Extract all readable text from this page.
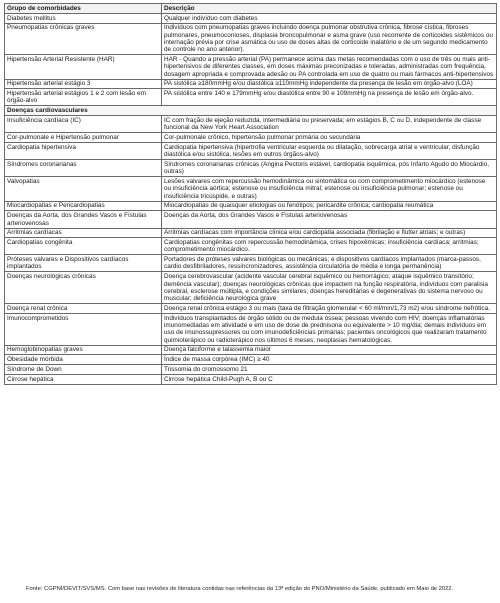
Grupo de comorbidades	Descrição
Diabetes mellitus	Qualquer indivíduo com diabetes
Pneumopatias crônicas graves	Indivíduos com pneumopatias graves incluindo doença pulmonar obstrutiva crônica, fibrose cística, fibroses pulmonares, pneumoconioses, displasia broncopulmonar e asma grave (uso recorrente de corticoides sistêmicos ou internação prévia por crise asmática ou uso de doses altas de corticoide inalatório e de um segundo medicamento de controle no ano anterior).
Hipertensão Arterial Resistente (HAR)	HAR - Quando a pressão arterial (PA) permanece acima das metas recomendadas com o uso de três ou mais anti-hipertensivos de diferentes classes, em doses máximas preconizadas e toleradas, administradas com frequência, dosagem apropriada e comprovada adesão ou PA controlada em uso de quatro ou mais fármacos anti-hipertensivos
Hipertensão arterial estágio 3	PA sistólica ≥180mmHg e/ou diastólica ≥110mmHg independente da presença de lesão em órgão-alvo (LOA)
Hipertensão arterial estágios 1 e 2 com lesão em órgão-alvo	PA sistólica entre 140 e 179mmHg e/ou diastólica entre 90 e 109mmHg na presença de lesão em órgão-alvo.
Doenças cardiovasculares	
Insuficiência cardíaca (IC)	IC com fração de ejeção reduzida, intermediária ou preservada; em estágios B, C ou D, independente de classe funcional da New York Heart Association
Cor-pulmonale e Hipertensão pulmonar	Cor-pulmonale crônico, hipertensão pulmonar primária ou secundária
Cardiopatia hipertensiva	Cardiopatia hipertensiva (hipertrofia ventricular esquerda ou dilatação, sobrecarga atrial e ventricular, disfunção diastólica e/ou sistólica, lesões em outros órgãos-alvo)
Síndromes coronarianas	Síndromes coronarianas crônicas (Angina Pectoris estável, cardiopatia isquêmica, pós Infarto Agudo do Miocárdio, outras)
Valvopatias	Lesões valvares com repercussão hemodinâmica ou sintomática ou com comprometimento miocárdico (estenose ou insuficiência aórtica; estenose ou insuficiência mitral; estenose ou insuficiência pulmonar; estenose ou insuficiência tricúspide, e outras)
Miocardiopatias e Pericardiopatias	Miocardiopatias de quaisquer etiologias ou fenótipos; pericardite crônica; cardiopatia reumática
Doenças da Aorta, dos Grandes Vasos e Fístulas arteriovenosas	Doenças da Aorta, dos Grandes Vasos e Fístulas arteriovenosas
Arritmias cardíacas	Arritmias cardíacas com importância clínica e/ou cardiopatia associada (fibrilação e flutter atriais; e outras)
Cardiopatias congênita	Cardiopatias congênitas com repercussão hemodinâmica, crises hipoxêmicas; insuficiência cardíaca; arritmias; comprometimento miocárdico.
Próteses valvares e Dispositivos cardíacos implantados	Portadores de próteses valvares biológicas ou mecânicas; e dispositivos cardíacos implantados (marca-passos, cardio desfibriladores, ressincronizadores, assistência circulatória de média e longa permanência)
Doenças neurológicas crônicas	Doença cerebrovascular (acidente vascular cerebral isquêmico ou hemorrágico; ataque isquêmico transitório; demência vascular); doenças neurológicas crônicas que impactem na função respiratória, indivíduos com paralisia cerebral, esclerose múltipla, e condições similares; doenças hereditárias e degenerativas do sistema nervoso ou muscular; deficiência neurológica grave
Doença renal crônica	Doença renal crônica estágio 3 ou mais (taxa de filtração glomerular < 60 ml/min/1,73 m2) e/ou síndrome nefrótica.
Imunocomprometidos	Indivíduos transplantados de órgão sólido ou de medula óssea; pessoas vivendo com HIV; doenças inflamatórias imunomediadas em atividade e em uso de dose de prednisona ou equivalente > 10 mg/dia; demais indivíduos em uso de imunossupressores ou com imunodeficiências primárias; pacientes oncológicos que realizaram tratamento quimioterápico ou radioterápico nos últimos 6 meses; neoplasias hematológicas.
Hemoglobinopatias graves	Doença falciforme e talassemia maior
Obesidade mórbida	Índice de massa corpórea (IMC) ≥ 40
Síndrome de Down	Trissomia do cromossomo 21
Cirrose hepática	Cirrose hepática Child-Pugh A, B ou C
Fonte: CGPNI/DEVIT/SVS/MS. Com base nas revisões de literatura contidas nas referências da 13ª edição do PNO/Ministério da Saúde, publicado em Maio de 2022.
